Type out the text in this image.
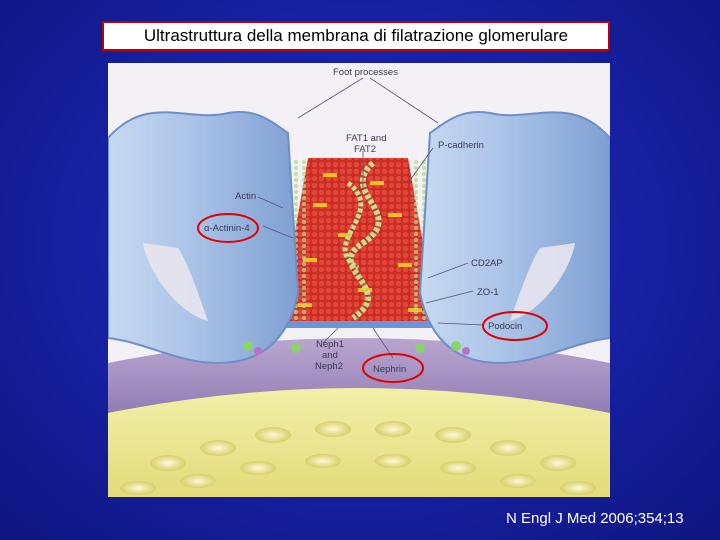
Ultrastruttura della membrana di filatrazione glomerulare
Foot processes
FAT1 and
FAT2	P-cadherin
Actin
α-Actinin-4
CD2AP
ZO-1
Podocin
Neph1
and
Neph2	Nephrin
N Engl J Med 2006;354;13
